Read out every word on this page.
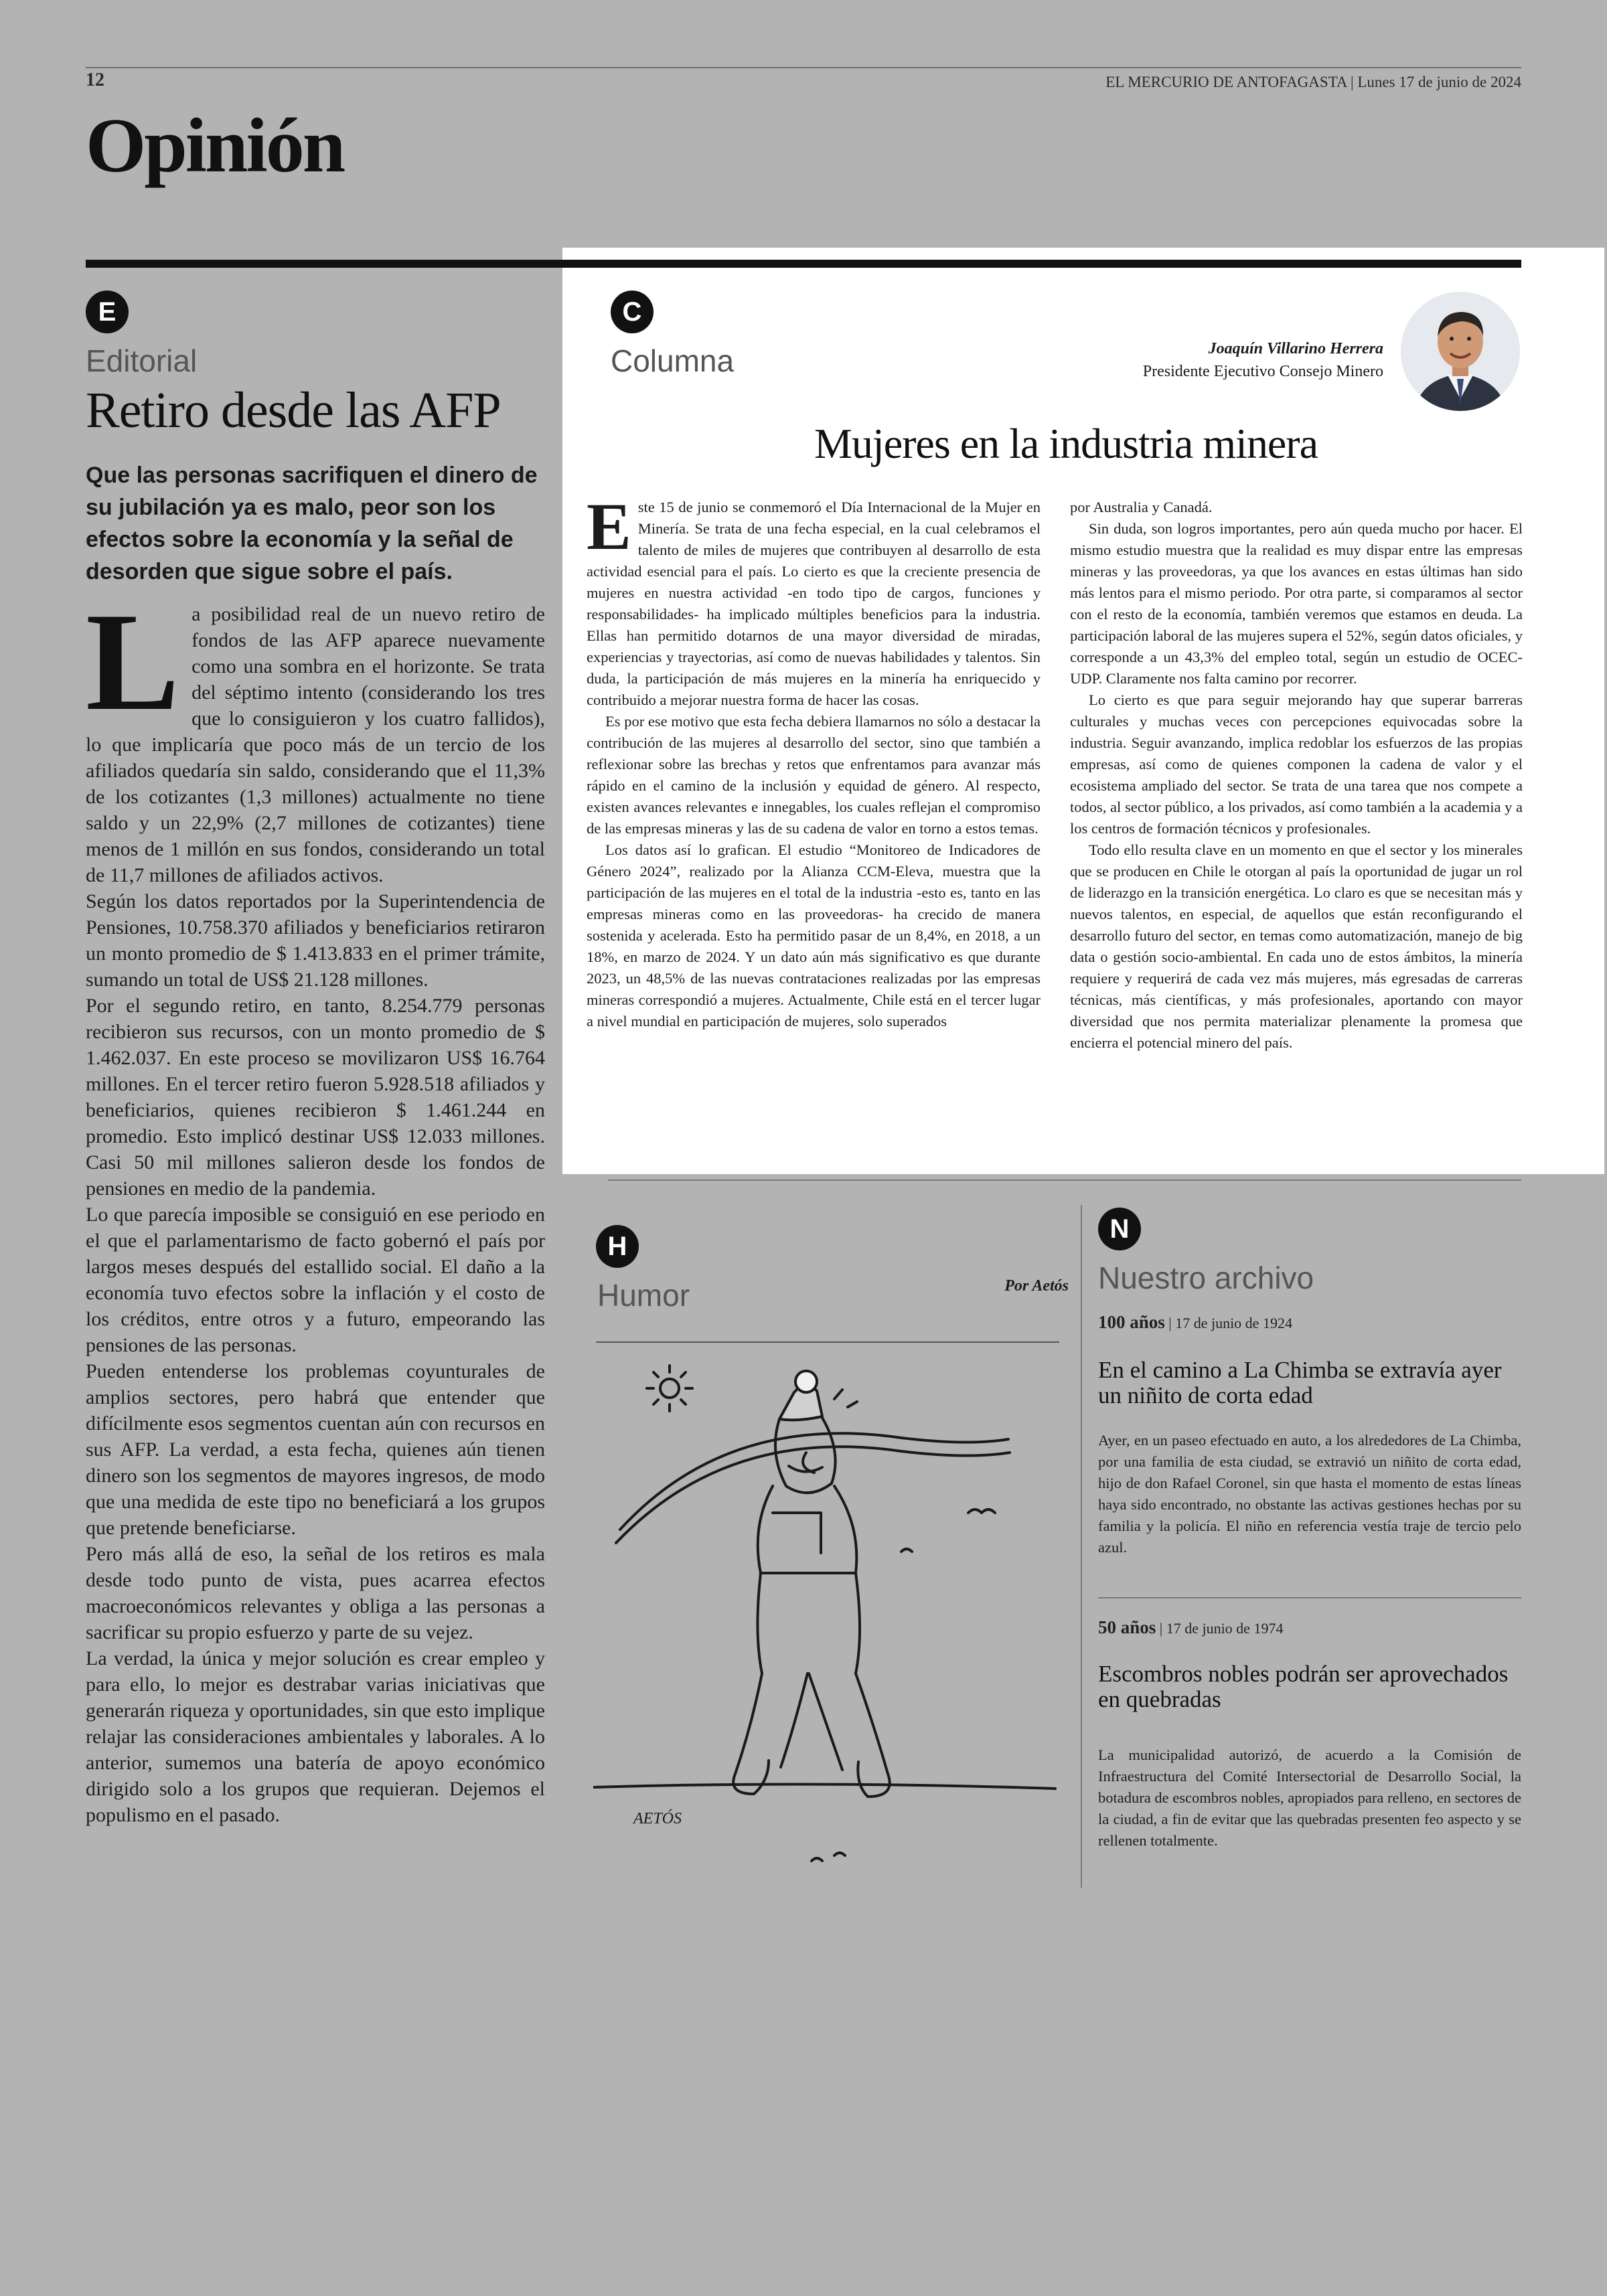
12	EL MERCURIO DE ANTOFAGASTA | Lunes 17 de junio de 2024
Opinión
E
Editorial
Retiro desde las AFP
Que las personas sacrifiquen el dinero de su jubilación ya es malo, peor son los efectos sobre la economía y la señal de desorden que sigue sobre el país.
L a posibilidad real de un nuevo retiro de fondos de las AFP aparece nuevamente como una sombra en el horizonte. Se trata del séptimo intento (considerando los tres que lo consiguieron y los cuatro fallidos), lo que implicaría que poco más de un tercio de los afiliados quedaría sin saldo, considerando que el 11,3% de los cotizantes (1,3 millones) actualmente no tiene saldo y un 22,9% (2,7 millones de cotizantes) tiene menos de 1 millón en sus fondos, considerando un total de 11,7 millones de afiliados activos.

Según los datos reportados por la Superintendencia de Pensiones, 10.758.370 afiliados y beneficiarios retiraron un monto promedio de $ 1.413.833 en el primer trámite, sumando un total de US$ 21.128 millones.

Por el segundo retiro, en tanto, 8.254.779 personas recibieron sus recursos, con un monto promedio de $ 1.462.037. En este proceso se movilizaron US$ 16.764 millones. En el tercer retiro fueron 5.928.518 afiliados y beneficiarios, quienes recibieron $ 1.461.244 en promedio. Esto implicó destinar US$ 12.033 millones. Casi 50 mil millones salieron desde los fondos de pensiones en medio de la pandemia.

Lo que parecía imposible se consiguió en ese periodo en el que el parlamentarismo de facto gobernó el país por largos meses después del estallido social. El daño a la economía tuvo efectos sobre la inflación y el costo de los créditos, entre otros y a futuro, empeorando las pensiones de las personas.

Pueden entenderse los problemas coyunturales de amplios sectores, pero habrá que entender que difícilmente esos segmentos cuentan aún con recursos en sus AFP. La verdad, a esta fecha, quienes aún tienen dinero son los segmentos de mayores ingresos, de modo que una medida de este tipo no beneficiará a los grupos que pretende beneficiarse.

Pero más allá de eso, la señal de los retiros es mala desde todo punto de vista, pues acarrea efectos macroeconómicos relevantes y obliga a las personas a sacrificar su propio esfuerzo y parte de su vejez.

La verdad, la única y mejor solución es crear empleo y para ello, lo mejor es destrabar varias iniciativas que generarán riqueza y oportunidades, sin que esto implique relajar las consideraciones ambientales y laborales. A lo anterior, sumemos una batería de apoyo económico dirigido solo a los grupos que requieran. Dejemos el populismo en el pasado.

C
Columna	Joaquín Villarino Herrera
Presidente Ejecutivo Consejo Minero
Mujeres en la industria minera
E ste 15 de junio se conmemoró el Día Internacional de la Mujer en Minería. Se trata de una fecha especial, en la cual celebramos el talento de miles de mujeres que contribuyen al desarrollo de esta actividad esencial para el país. Lo cierto es que la creciente presencia de mujeres en nuestra actividad -en todo tipo de cargos, funciones y responsabilidades- ha implicado múltiples beneficios para la industria. Ellas han permitido dotarnos de una mayor diversidad de miradas, experiencias y trayectorias, así como de nuevas habilidades y talentos. Sin duda, la participación de más mujeres en la minería ha enriquecido y contribuido a mejorar nuestra forma de hacer las cosas.

Es por ese motivo que esta fecha debiera llamarnos no sólo a destacar la contribución de las mujeres al desarrollo del sector, sino que también a reflexionar sobre las brechas y retos que enfrentamos para avanzar más rápido en el camino de la inclusión y equidad de género. Al respecto, existen avances relevantes e innegables, los cuales reflejan el compromiso de las empresas mineras y las de su cadena de valor en torno a estos temas.

Los datos así lo grafican. El estudio “Monitoreo de Indicadores de Género 2024”, realizado por la Alianza CCM-Eleva, muestra que la participación de las mujeres en el total de la industria -esto es, tanto en las empresas mineras como en las proveedoras- ha crecido de manera sostenida y acelerada. Esto ha permitido pasar de un 8,4%, en 2018, a un 18%, en marzo de 2024. Y un dato aún más significativo es que durante 2023, un 48,5% de las nuevas contrataciones realizadas por las empresas mineras correspondió a mujeres. Actualmente, Chile está en el tercer lugar a nivel mundial en participación de mujeres, solo superados

por Australia y Canadá.

Sin duda, son logros importantes, pero aún queda mucho por hacer. El mismo estudio muestra que la realidad es muy dispar entre las empresas mineras y las proveedoras, ya que los avances en estas últimas han sido más lentos para el mismo periodo. Por otra parte, si comparamos al sector con el resto de la economía, también veremos que estamos en deuda. La participación laboral de las mujeres supera el 52%, según datos oficiales, y corresponde a un 43,3% del empleo total, según un estudio de OCEC-UDP. Claramente nos falta camino por recorrer.

Lo cierto es que para seguir mejorando hay que superar barreras culturales y muchas veces con percepciones equivocadas sobre la industria. Seguir avanzando, implica redoblar los esfuerzos de las propias empresas, así como de quienes componen la cadena de valor y el ecosistema ampliado del sector. Se trata de una tarea que nos compete a todos, al sector público, a los privados, así como también a la academia y a los centros de formación técnicos y profesionales.

Todo ello resulta clave en un momento en que el sector y los minerales que se producen en Chile le otorgan al país la oportunidad de jugar un rol de liderazgo en la transición energética. Lo claro es que se necesitan más y nuevos talentos, en especial, de aquellos que están reconfigurando el desarrollo futuro del sector, en temas como automatización, manejo de big data o gestión socio-ambiental. En cada uno de estos ámbitos, la minería requiere y requerirá de cada vez más mujeres, más egresadas de carreras técnicas, más científicas, y más profesionales, aportando con mayor diversidad que nos permita materializar plenamente la promesa que encierra el potencial minero del país.

H
Humor	Por Aetós
AETÓS
N
Nuestro archivo
100 años | 17 de junio de 1924
En el camino a La Chimba se extravía ayer un niñito de corta edad
Ayer, en un paseo efectuado en auto, a los alrededores de La Chimba, por una familia de esta ciudad, se extravió un niñito de corta edad, hijo de don Rafael Coronel, sin que hasta el momento de estas líneas haya sido encontrado, no obstante las activas gestiones hechas por su familia y la policía. El niño en referencia vestía traje de tercio pelo azul.
50 años | 17 de junio de 1974
Escombros nobles podrán ser aprovechados en quebradas
La municipalidad autorizó, de acuerdo a la Comisión de Infraestructura del Comité Intersectorial de Desarrollo Social, la botadura de escombros nobles, apropiados para relleno, en sectores de la ciudad, a fin de evitar que las quebradas presenten feo aspecto y se rellenen totalmente.
